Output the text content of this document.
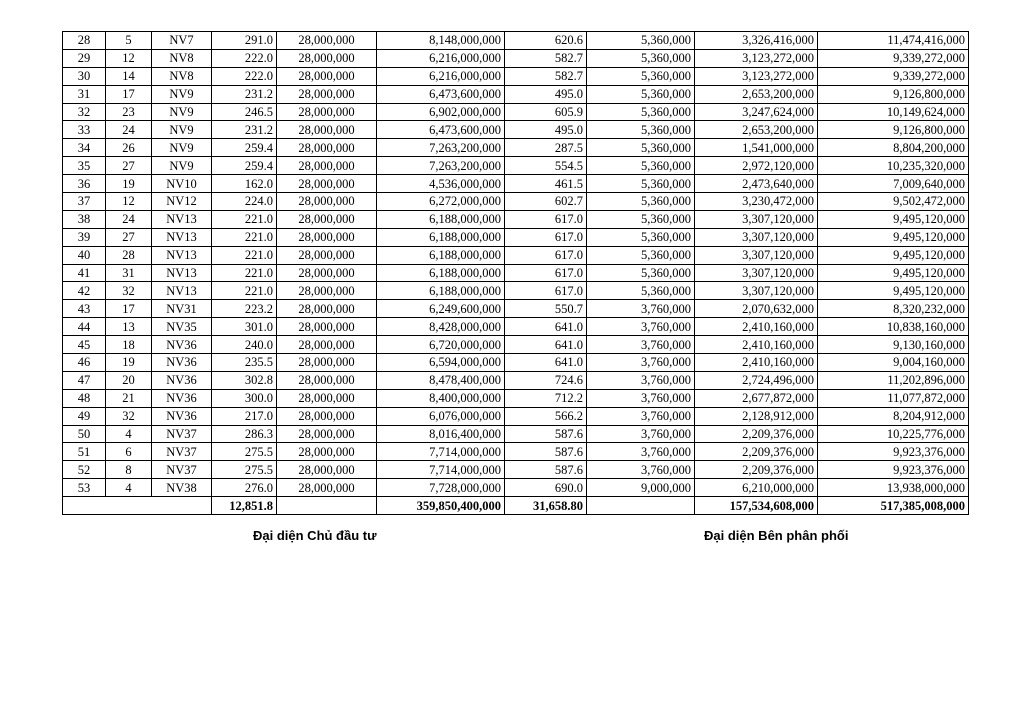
28	5	NV7	291.0	28,000,000	8,148,000,000	620.6	5,360,000	3,326,416,000	11,474,416,000
29	12	NV8	222.0	28,000,000	6,216,000,000	582.7	5,360,000	3,123,272,000	9,339,272,000
30	14	NV8	222.0	28,000,000	6,216,000,000	582.7	5,360,000	3,123,272,000	9,339,272,000
31	17	NV9	231.2	28,000,000	6,473,600,000	495.0	5,360,000	2,653,200,000	9,126,800,000
32	23	NV9	246.5	28,000,000	6,902,000,000	605.9	5,360,000	3,247,624,000	10,149,624,000
33	24	NV9	231.2	28,000,000	6,473,600,000	495.0	5,360,000	2,653,200,000	9,126,800,000
34	26	NV9	259.4	28,000,000	7,263,200,000	287.5	5,360,000	1,541,000,000	8,804,200,000
35	27	NV9	259.4	28,000,000	7,263,200,000	554.5	5,360,000	2,972,120,000	10,235,320,000
36	19	NV10	162.0	28,000,000	4,536,000,000	461.5	5,360,000	2,473,640,000	7,009,640,000
37	12	NV12	224.0	28,000,000	6,272,000,000	602.7	5,360,000	3,230,472,000	9,502,472,000
38	24	NV13	221.0	28,000,000	6,188,000,000	617.0	5,360,000	3,307,120,000	9,495,120,000
39	27	NV13	221.0	28,000,000	6,188,000,000	617.0	5,360,000	3,307,120,000	9,495,120,000
40	28	NV13	221.0	28,000,000	6,188,000,000	617.0	5,360,000	3,307,120,000	9,495,120,000
41	31	NV13	221.0	28,000,000	6,188,000,000	617.0	5,360,000	3,307,120,000	9,495,120,000
42	32	NV13	221.0	28,000,000	6,188,000,000	617.0	5,360,000	3,307,120,000	9,495,120,000
43	17	NV31	223.2	28,000,000	6,249,600,000	550.7	3,760,000	2,070,632,000	8,320,232,000
44	13	NV35	301.0	28,000,000	8,428,000,000	641.0	3,760,000	2,410,160,000	10,838,160,000
45	18	NV36	240.0	28,000,000	6,720,000,000	641.0	3,760,000	2,410,160,000	9,130,160,000
46	19	NV36	235.5	28,000,000	6,594,000,000	641.0	3,760,000	2,410,160,000	9,004,160,000
47	20	NV36	302.8	28,000,000	8,478,400,000	724.6	3,760,000	2,724,496,000	11,202,896,000
48	21	NV36	300.0	28,000,000	8,400,000,000	712.2	3,760,000	2,677,872,000	11,077,872,000
49	32	NV36	217.0	28,000,000	6,076,000,000	566.2	3,760,000	2,128,912,000	8,204,912,000
50	4	NV37	286.3	28,000,000	8,016,400,000	587.6	3,760,000	2,209,376,000	10,225,776,000
51	6	NV37	275.5	28,000,000	7,714,000,000	587.6	3,760,000	2,209,376,000	9,923,376,000
52	8	NV37	275.5	28,000,000	7,714,000,000	587.6	3,760,000	2,209,376,000	9,923,376,000
53	4	NV38	276.0	28,000,000	7,728,000,000	690.0	9,000,000	6,210,000,000	13,938,000,000
			12,851.8		359,850,400,000	31,658.80		157,534,608,000	517,385,008,000
Đại diện Chủ đầu tư	Đại diện Bên phân phối
